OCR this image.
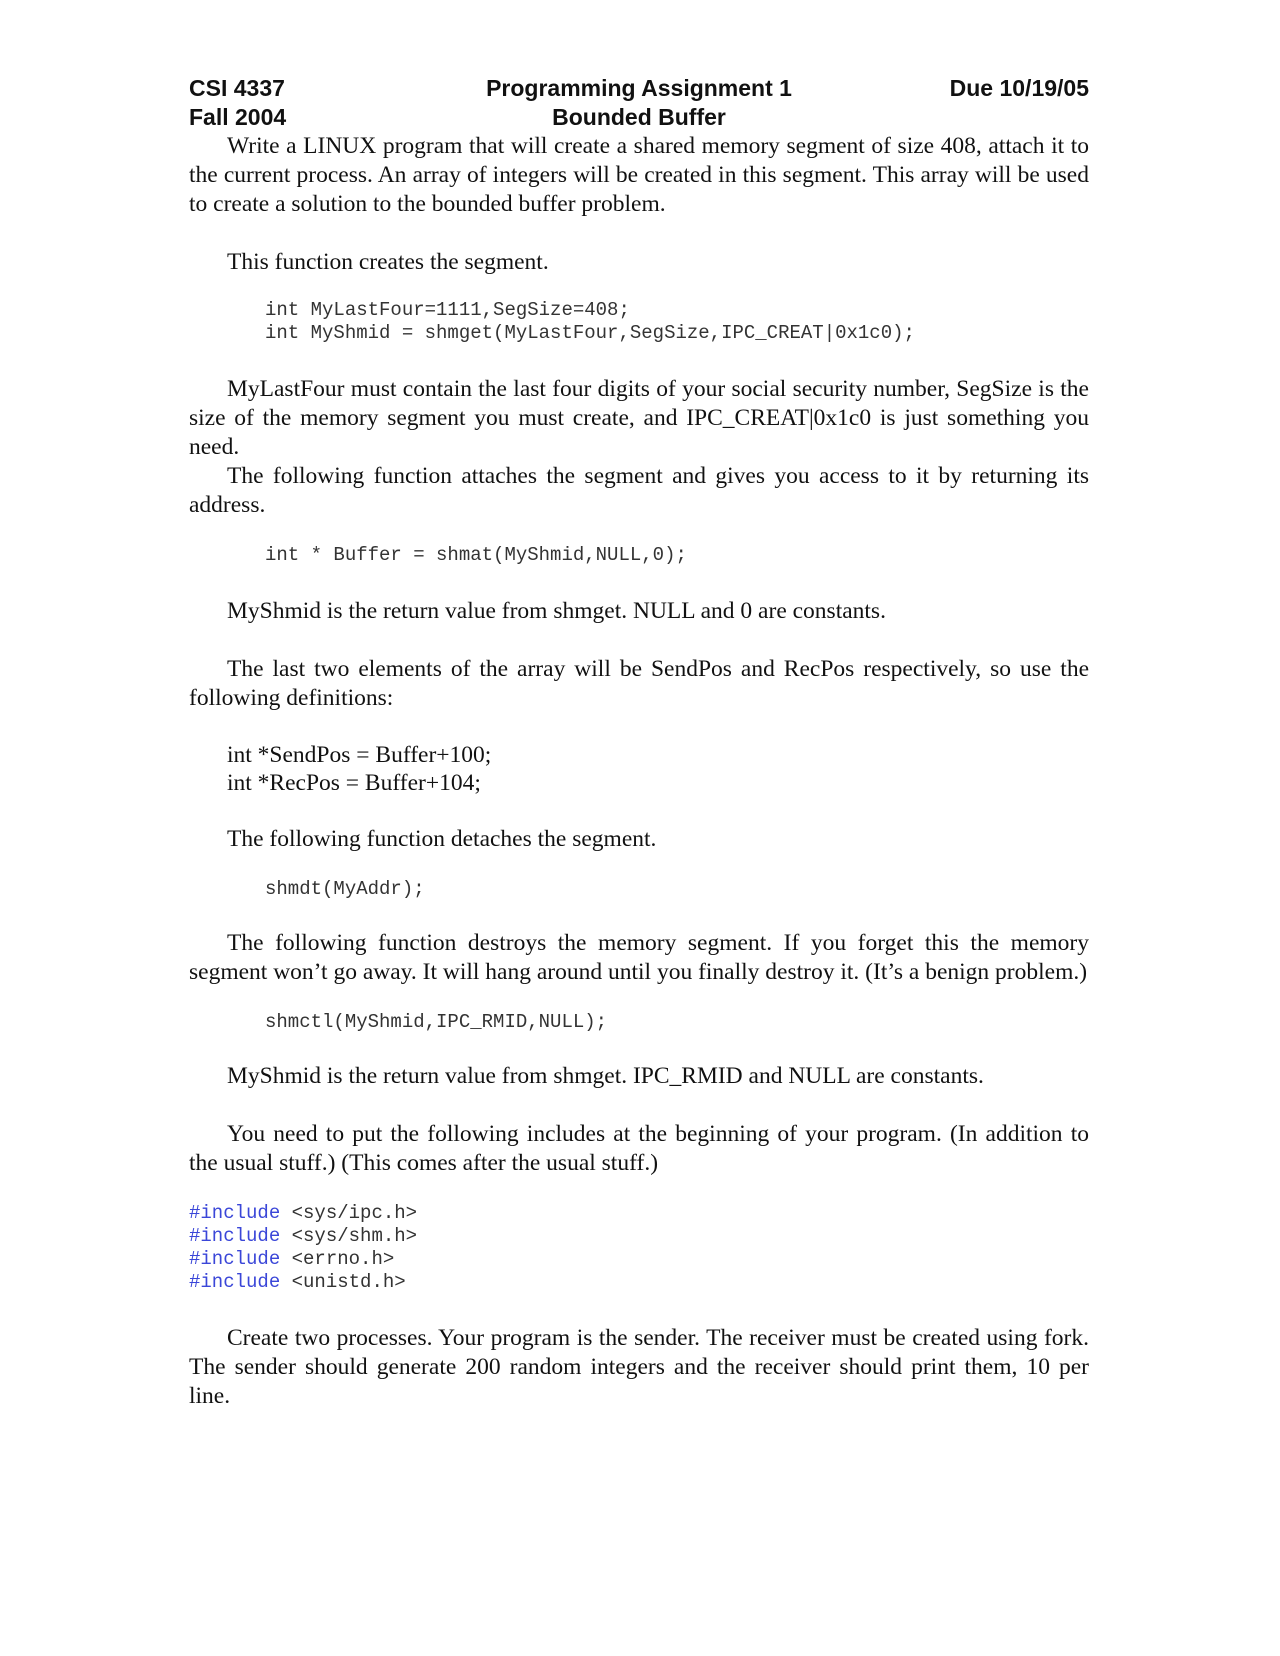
CSI 4337
Fall 2004
Programming Assignment 1
Bounded Buffer
Due 10/19/05

Write a LINUX program that will create a shared memory segment of size 408, attach it to the current process. An array of integers will be created in this segment. This array will be used to create a solution to the bounded buffer problem.

This function creates the segment.

int MyLastFour=1111,SegSize=408;
int MyShmid = shmget(MyLastFour,SegSize,IPC_CREAT|0x1c0);

MyLastFour must contain the last four digits of your social security number, SegSize is the size of the memory segment you must create, and IPC_CREAT|0x1c0 is just something you need.

The following function attaches the segment and gives you access to it by returning its address.

int * Buffer = shmat(MyShmid,NULL,0);

MyShmid is the return value from shmget. NULL and 0 are constants.

The last two elements of the array will be SendPos and RecPos respectively, so use the following definitions:

int *SendPos = Buffer+100;
int *RecPos = Buffer+104;

The following function detaches the segment.

shmdt(MyAddr);

The following function destroys the memory segment. If you forget this the memory segment won’t go away. It will hang around until you finally destroy it. (It’s a benign problem.)

shmctl(MyShmid,IPC_RMID,NULL);

MyShmid is the return value from shmget. IPC_RMID and NULL are constants.

You need to put the following includes at the beginning of your program. (In addition to the usual stuff.) (This comes after the usual stuff.)

#include <sys/ipc.h>
#include <sys/shm.h>
#include <errno.h>
#include <unistd.h>

Create two processes. Your program is the sender. The receiver must be created using fork. The sender should generate 200 random integers and the receiver should print them, 10 per line.
